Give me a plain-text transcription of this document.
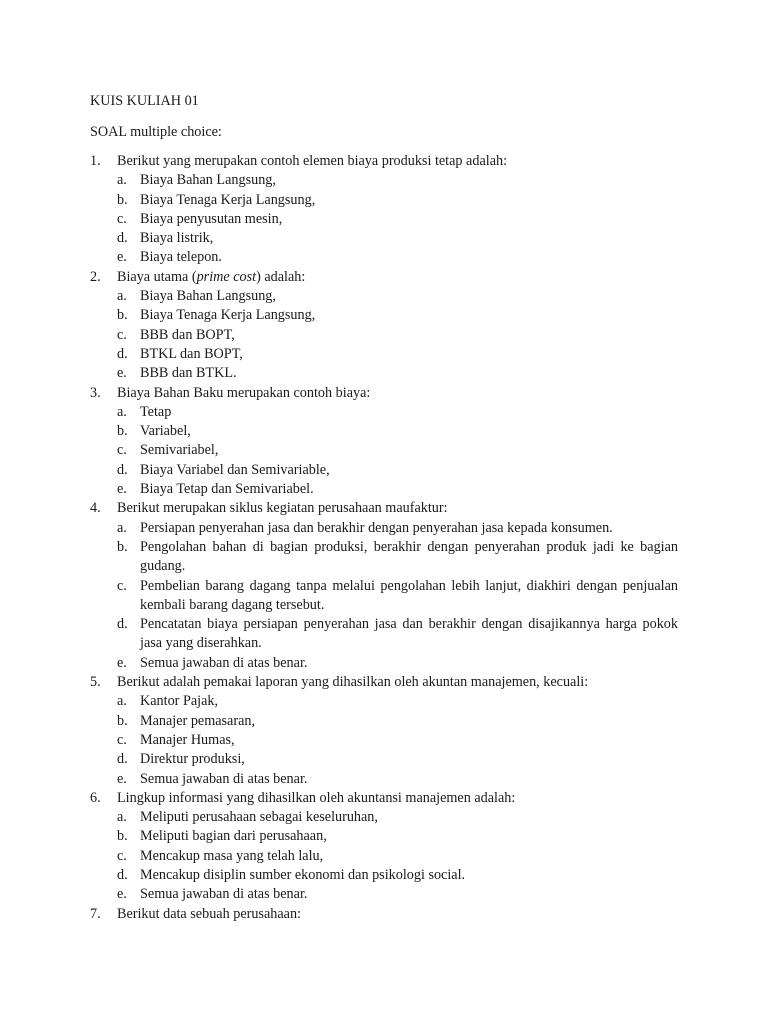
KUIS KULIAH 01
SOAL multiple choice:
1.	Berikut yang merupakan contoh elemen biaya produksi tetap adalah:
a. Biaya Bahan Langsung,
b. Biaya Tenaga Kerja Langsung,
c. Biaya penyusutan mesin,
d. Biaya listrik,
e. Biaya telepon.
2.	Biaya utama (prime cost) adalah:
a. Biaya Bahan Langsung,
b. Biaya Tenaga Kerja Langsung,
c. BBB dan BOPT,
d. BTKL dan BOPT,
e. BBB dan BTKL.
3.	Biaya Bahan Baku merupakan contoh biaya:
a. Tetap
b. Variabel,
c. Semivariabel,
d. Biaya Variabel dan Semivariable,
e. Biaya Tetap dan Semivariabel.
4.	Berikut merupakan siklus kegiatan perusahaan maufaktur:
a. Persiapan penyerahan jasa dan berakhir dengan penyerahan jasa kepada konsumen.
b. Pengolahan bahan di bagian produksi, berakhir dengan penyerahan produk jadi ke bagian gudang.
c. Pembelian barang dagang tanpa melalui pengolahan lebih lanjut, diakhiri dengan penjualan kembali barang dagang tersebut.
d. Pencatatan biaya persiapan penyerahan jasa dan berakhir dengan disajikannya harga pokok jasa yang diserahkan.
e. Semua jawaban di atas benar.
5.	Berikut adalah pemakai laporan yang dihasilkan oleh akuntan manajemen, kecuali:
a. Kantor Pajak,
b. Manajer pemasaran,
c. Manajer Humas,
d. Direktur produksi,
e. Semua jawaban di atas benar.
6.	Lingkup informasi yang dihasilkan oleh akuntansi manajemen adalah:
a. Meliputi perusahaan sebagai keseluruhan,
b. Meliputi bagian dari perusahaan,
c. Mencakup masa yang telah lalu,
d. Mencakup disiplin sumber ekonomi dan psikologi social.
e. Semua jawaban di atas benar.
7.	Berikut data sebuah perusahaan:
